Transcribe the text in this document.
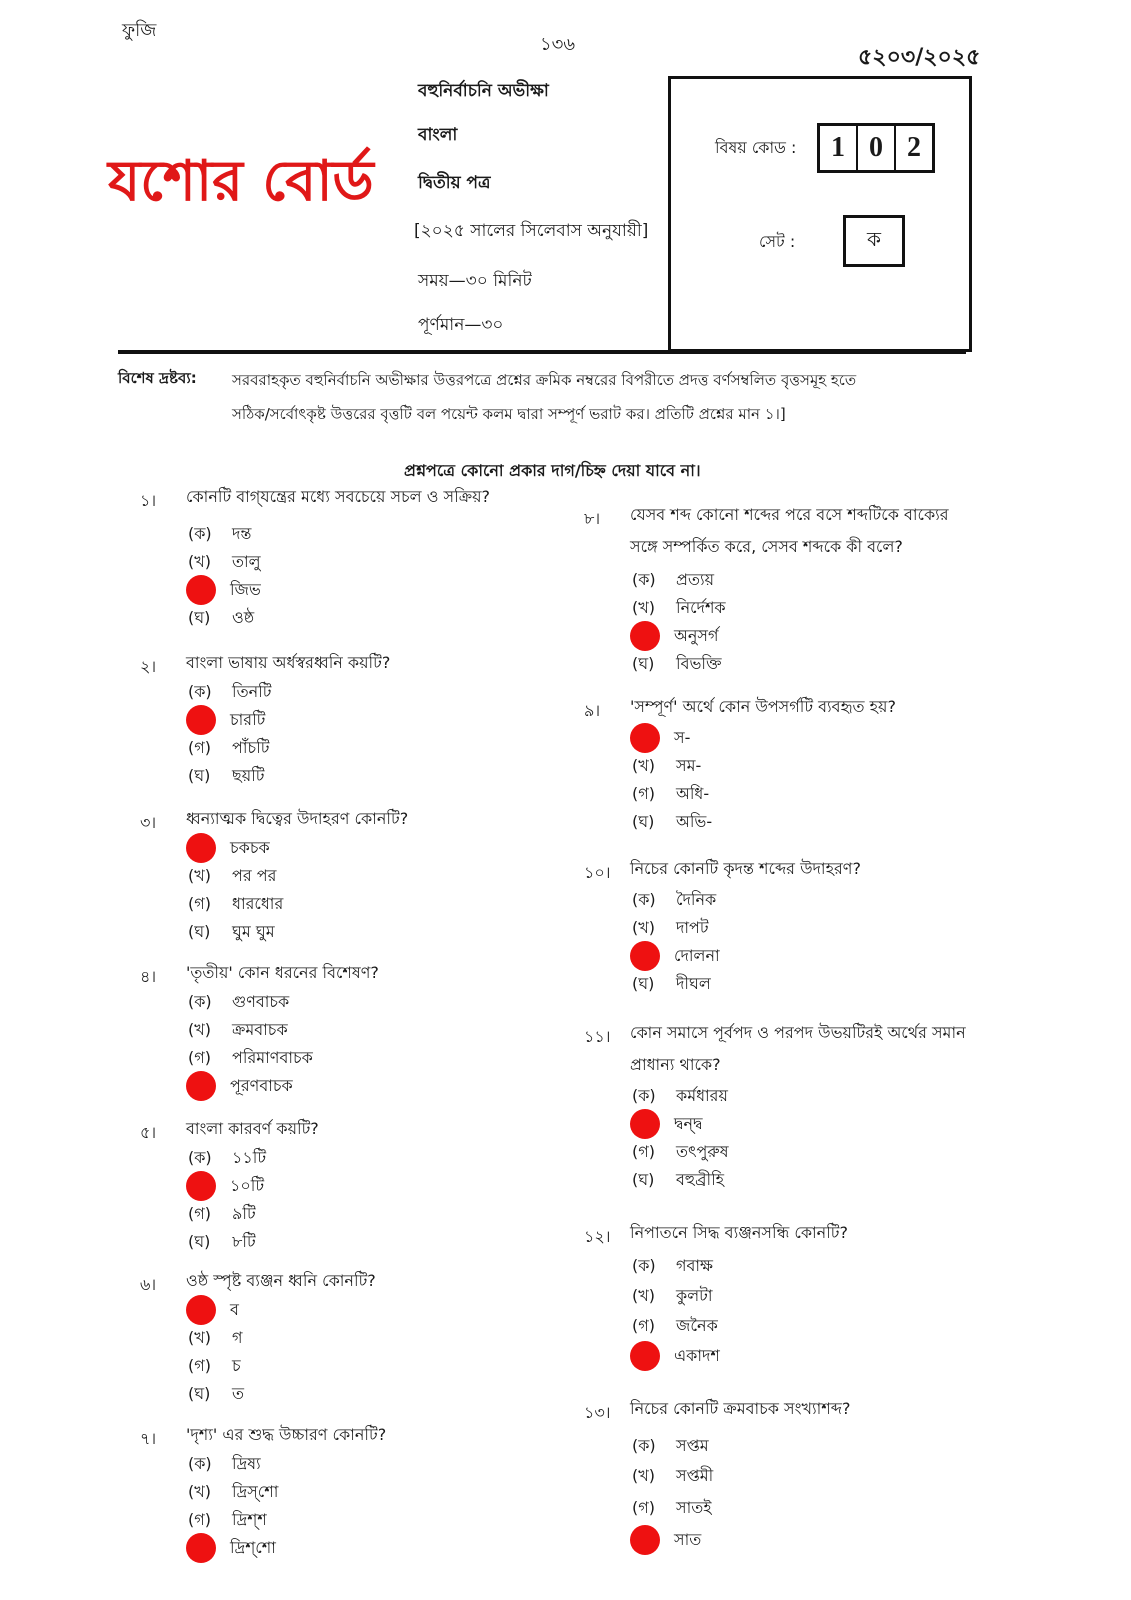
ফুজি
১৩৬
৫২০৩/২০২৫
যশোর বোর্ড
বহুনির্বাচনি অভীক্ষা
বাংলা
দ্বিতীয় পত্র
[২০২৫ সালের সিলেবাস অনুযায়ী]
সময়—৩০ মিনিট
পূর্ণমান—৩০
বিষয় কোড :	1 0 2
সেট :	ক
বিশেষ দ্রষ্টব্য: সরবরাহকৃত বহুনির্বাচনি অভীক্ষার উত্তরপত্রে প্রশ্নের ক্রমিক নম্বরের বিপরীতে প্রদত্ত বর্ণসম্বলিত বৃত্তসমূহ হতে
সঠিক/সর্বোৎকৃষ্ট উত্তরের বৃত্তটি বল পয়েন্ট কলম দ্বারা সম্পূর্ণ ভরাট কর। প্রতিটি প্রশ্নের মান ১।]
প্রশ্নপত্রে কোনো প্রকার দাগ/চিহ্ন দেয়া যাবে না।
১। কোনটি বাগ্‌যন্ত্রের মধ্যে সবচেয়ে সচল ও সক্রিয়?
(ক)	দন্ত
(খ)	তালু
জিভ
(ঘ)	ওষ্ঠ
২। বাংলা ভাষায় অর্ধস্বরধ্বনি কয়টি?
(ক)	তিনটি
চারটি
(গ)	পাঁচটি
(ঘ)	ছয়টি
৩। ধ্বন্যাত্মক দ্বিত্বের উদাহরণ কোনটি?
চকচক
(খ)	পর পর
(গ)	ধারধোর
(ঘ)	ঘুম ঘুম
৪। 'তৃতীয়' কোন ধরনের বিশেষণ?
(ক)	গুণবাচক
(খ)	ক্রমবাচক
(গ)	পরিমাণবাচক
পূরণবাচক
৫। বাংলা কারবর্ণ কয়টি?
(ক)	১১টি
১০টি
(গ)	৯টি
(ঘ)	৮টি
৬। ওষ্ঠ স্পৃষ্ট ব্যঞ্জন ধ্বনি কোনটি?
ব
(খ)	গ
(গ)	চ
(ঘ)	ত
৭। 'দৃশ্য' এর শুদ্ধ উচ্চারণ কোনটি?
(ক)	দ্রিষ্য
(খ)	দ্রিস্‌শো
(গ)	দ্রিশ্‌শ
দ্রিশ্‌শো
৮। যেসব শব্দ কোনো শব্দের পরে বসে শব্দটিকে বাক্যের
সঙ্গে সম্পর্কিত করে, সেসব শব্দকে কী বলে?
(ক)	প্রত্যয়
(খ)	নির্দেশক
অনুসর্গ
(ঘ)	বিভক্তি
৯। 'সম্পূর্ণ' অর্থে কোন উপসর্গটি ব্যবহৃত হয়?
স-
(খ)	সম-
(গ)	অধি-
(ঘ)	অভি-
১০। নিচের কোনটি কৃদন্ত শব্দের উদাহরণ?
(ক)	দৈনিক
(খ)	দাপট
দোলনা
(ঘ)	দীঘল
১১। কোন সমাসে পূর্বপদ ও পরপদ উভয়টিরই অর্থের সমান
প্রাধান্য থাকে?
(ক)	কর্মধারয়
দ্বন্দ্ব
(গ)	তৎপুরুষ
(ঘ)	বহুব্রীহি
১২। নিপাতনে সিদ্ধ ব্যঞ্জনসন্ধি কোনটি?
(ক)	গবাক্ষ
(খ)	কুলটা
(গ)	জনৈক
একাদশ
১৩। নিচের কোনটি ক্রমবাচক সংখ্যাশব্দ?
(ক)	সপ্তম
(খ)	সপ্তমী
(গ)	সাতই
সাত
